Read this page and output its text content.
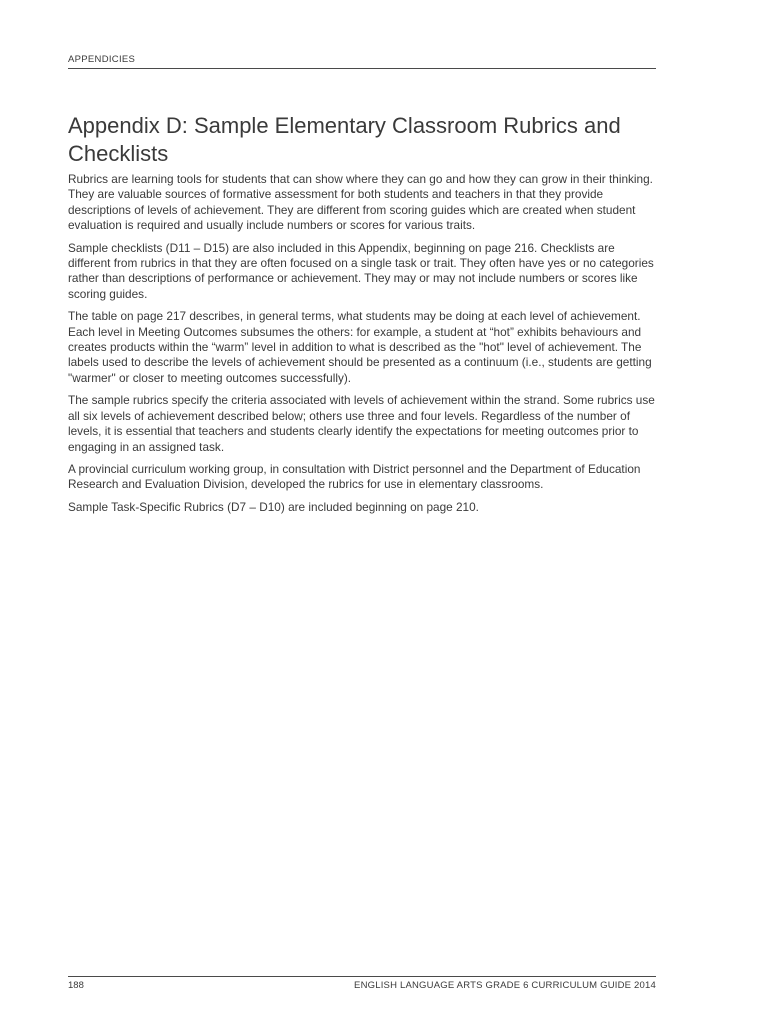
APPENDICIES
Appendix D: Sample Elementary Classroom Rubrics and Checklists

Rubrics are learning tools for students that can show where they can go and how they can grow in their thinking. They are valuable sources of formative assessment for both students and teachers in that they provide descriptions of levels of achievement. They are different from scoring guides which are created when student evaluation is required and usually include numbers or scores for various traits.

Sample checklists (D11 – D15) are also included in this Appendix, beginning on page 216. Checklists are different from rubrics in that they are often focused on a single task or trait. They often have yes or no categories rather than descriptions of performance or achievement. They may or may not include numbers or scores like scoring guides.

The table on page 217 describes, in general terms, what students may be doing at each level of achievement. Each level in Meeting Outcomes subsumes the others: for example, a student at “hot” exhibits behaviours and creates products within the “warm” level in addition to what is described as the "hot" level of achievement. The labels used to describe the levels of achievement should be presented as a continuum (i.e., students are getting "warmer" or closer to meeting outcomes successfully).

The sample rubrics specify the criteria associated with levels of achievement within the strand. Some rubrics use all six levels of achievement described below; others use three and four levels. Regardless of the number of levels, it is essential that teachers and students clearly identify the expectations for meeting outcomes prior to engaging in an assigned task.

A provincial curriculum working group, in consultation with District personnel and the Department of Education Research and Evaluation Division, developed the rubrics for use in elementary classrooms.

Sample Task-Specific Rubrics (D7 – D10) are included beginning on page 210.

188	ENGLISH LANGUAGE ARTS GRADE 6 CURRICULUM GUIDE 2014
